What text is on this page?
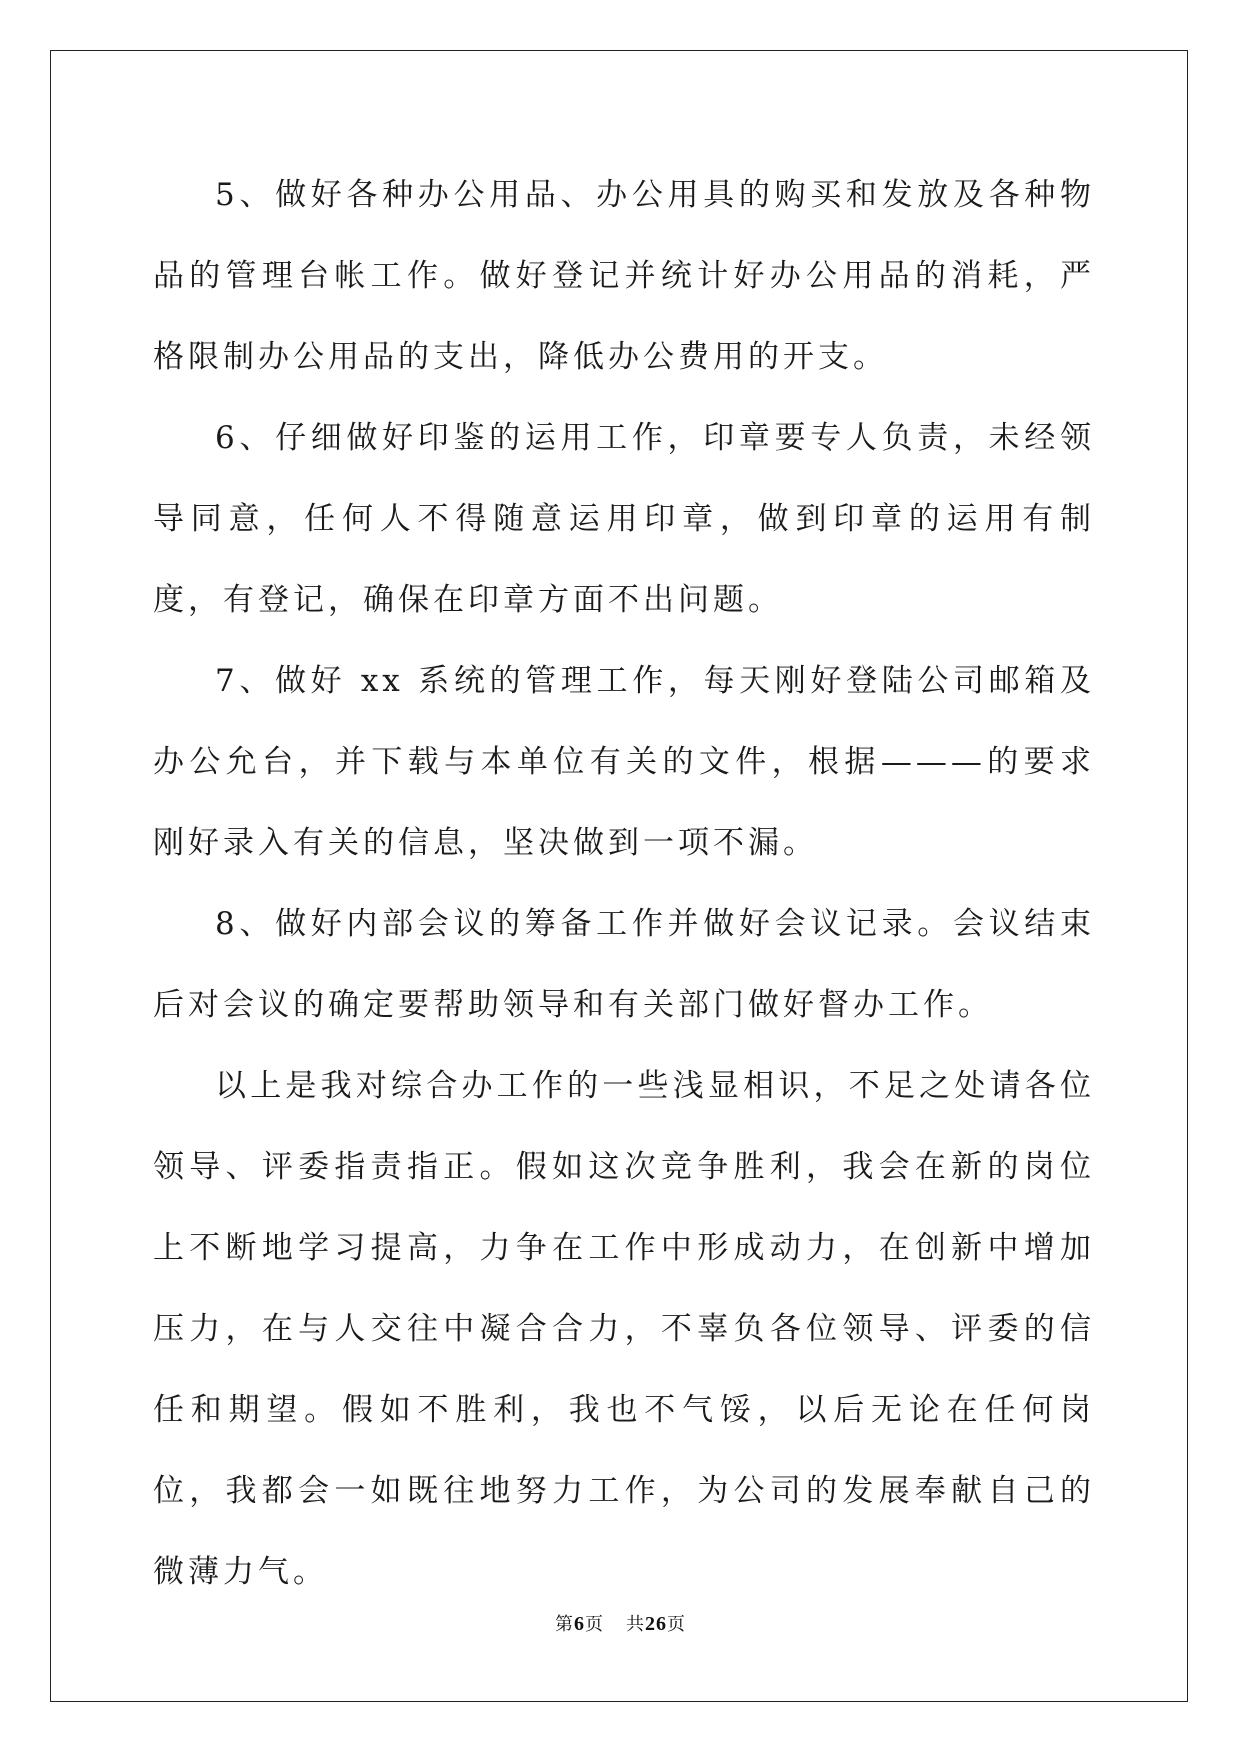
5、做好各种办公用品、办公用具的购买和发放及各种物品的管理台帐工作。做好登记并统计好办公用品的消耗，严格限制办公用品的支出，降低办公费用的开支。

6、仔细做好印鉴的运用工作，印章要专人负责，未经领导同意，任何人不得随意运用印章，做到印章的运用有制度，有登记，确保在印章方面不出问题。

7、做好 xx 系统的管理工作，每天刚好登陆公司邮箱及办公允台，并下载与本单位有关的文件，根据———的要求刚好录入有关的信息，坚决做到一项不漏。

8、做好内部会议的筹备工作并做好会议记录。会议结束后对会议的确定要帮助领导和有关部门做好督办工作。

以上是我对综合办工作的一些浅显相识，不足之处请各位领导、评委指责指正。假如这次竞争胜利，我会在新的岗位上不断地学习提高，力争在工作中形成动力，在创新中增加压力，在与人交往中凝合合力，不辜负各位领导、评委的信任和期望。假如不胜利，我也不气馁，以后无论在任何岗位，我都会一如既往地努力工作，为公司的发展奉献自己的微薄力气。

第6页 共26页
